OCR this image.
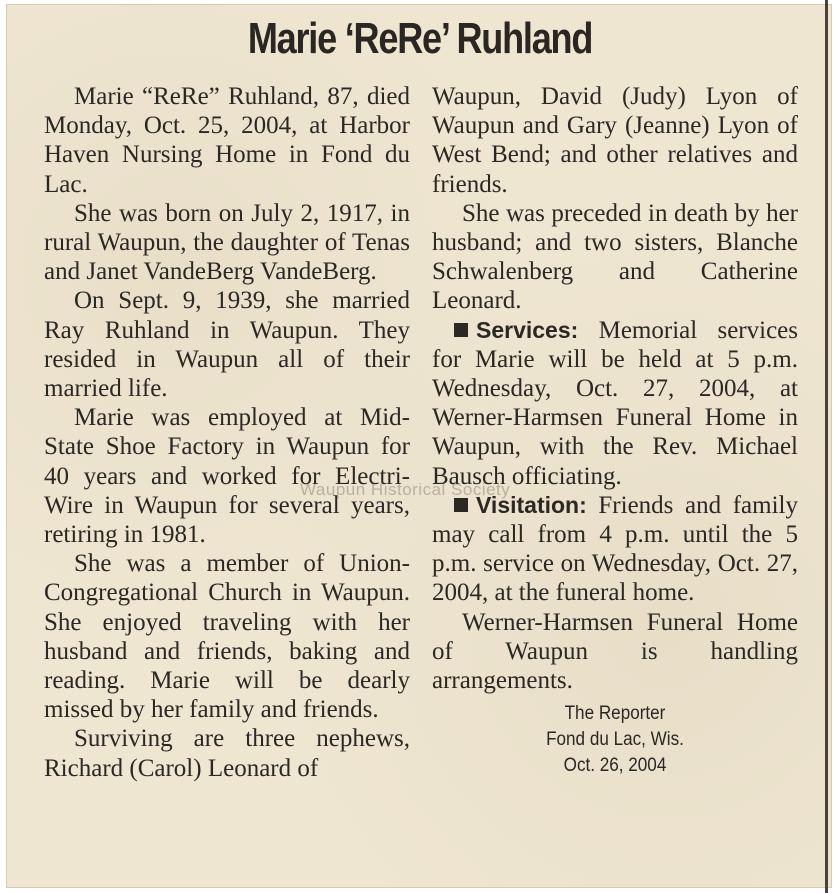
Marie ‘ReRe’ Ruhland

Marie “ReRe” Ruhland, 87, died Monday, Oct. 25, 2004, at Harbor Haven Nursing Home in Fond du Lac.

She was born on July 2, 1917, in rural Waupun, the daughter of Tenas and Janet VandeBerg VandeBerg.

On Sept. 9, 1939, she married Ray Ruhland in Waupun. They resided in Waupun all of their married life.

Marie was employed at Mid-State Shoe Factory in Waupun for 40 years and worked for Electri-Wire in Waupun for several years, retiring in 1981.

She was a member of Union-Congregational Church in Waupun. She enjoyed traveling with her husband and friends, baking and reading. Marie will be dearly missed by her family and friends.

Surviving are three nephews, Richard (Carol) Leonard of

Waupun, David (Judy) Lyon of Waupun and Gary (Jeanne) Lyon of West Bend; and other relatives and friends.

She was preceded in death by her husband; and two sisters, Blanche Schwalenberg and Catherine Leonard.

Services: Memorial services for Marie will be held at 5 p.m. Wednesday, Oct. 27, 2004, at Werner-Harmsen Funeral Home in Waupun, with the Rev. Michael Bausch officiating.

Visitation: Friends and family may call from 4 p.m. until the 5 p.m. service on Wednesday, Oct. 27, 2004, at the funeral home.

Werner-Harmsen Funeral Home of Waupun is handling arrangements.

The Reporter
Fond du Lac, Wis.
Oct. 26, 2004
Waupun Historical Society
